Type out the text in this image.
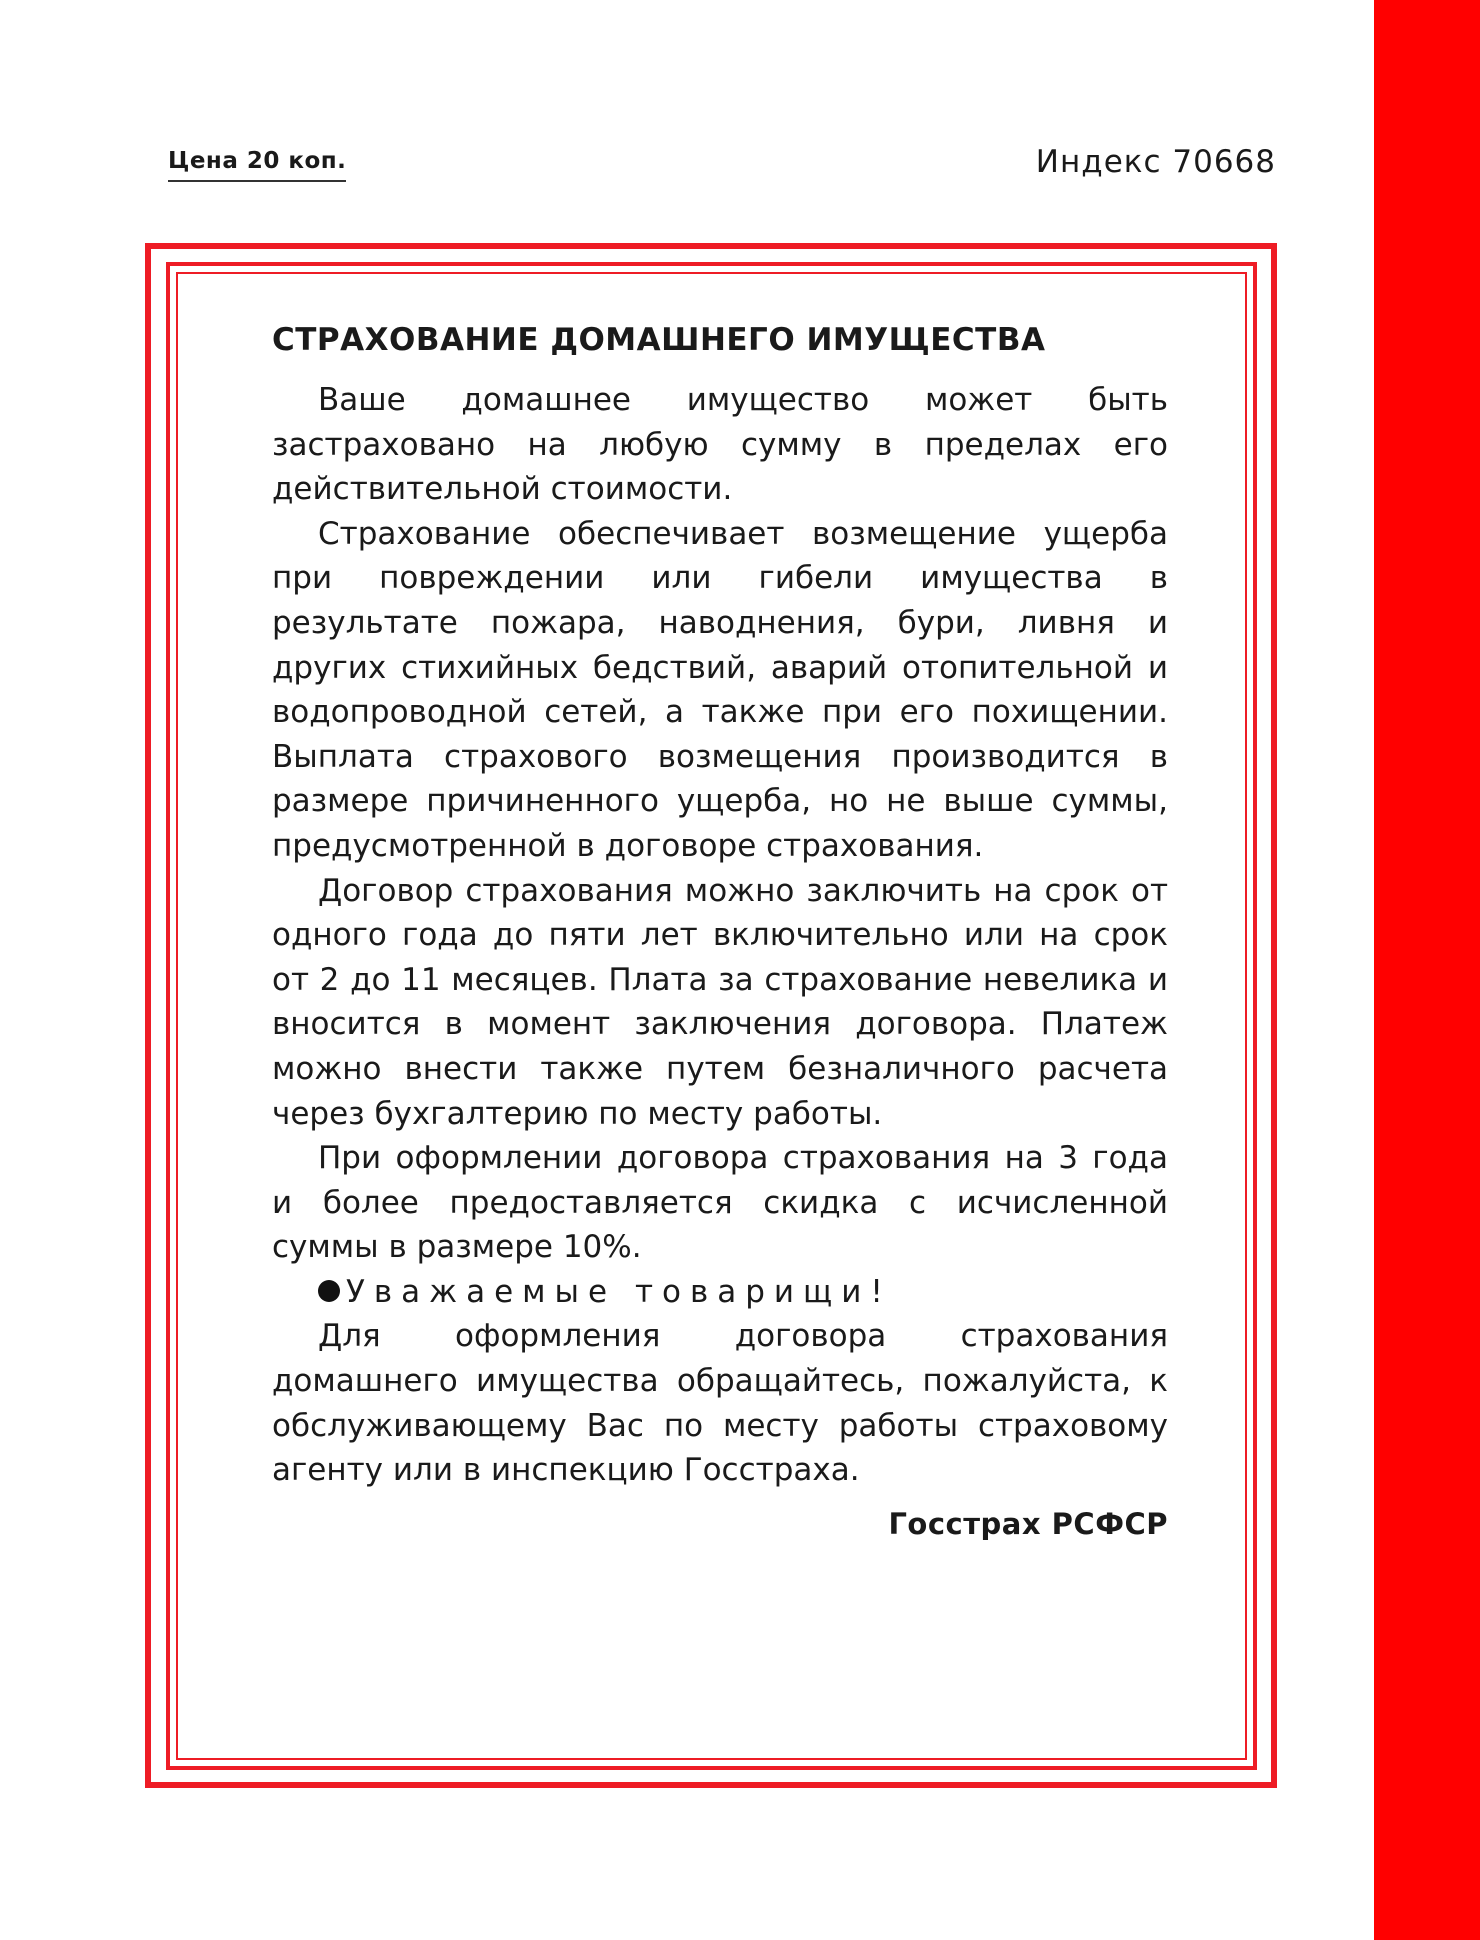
Цена 20 коп.	Индекс 70668
СТРАХОВАНИЕ ДОМАШНЕГО ИМУЩЕСТВА

Ваше домашнее имущество может быть застраховано на любую сумму в пределах его действительной стоимости.

Страхование обеспечивает возмещение ущерба при повреждении или гибели имущества в результате пожара, наводнения, бури, ливня и других стихийных бедствий, аварий отопительной и водопроводной сетей, а также при его похищении. Выплата страхового возмещения производится в размере причиненного ущерба, но не выше суммы, предусмотренной в договоре страхования.

Договор страхования можно заключить на срок от одного года до пяти лет включительно или на срок от 2 до 11 месяцев. Плата за страхование невелика и вносится в момент заключения договора. Платеж можно внести также путем безналичного расчета через бухгалтерию по месту работы.

При оформлении договора страхования на 3 года и более предоставляется скидка с исчисленной суммы в размере 10%.

Уважаемые товарищи!

Для оформления договора страхования домашнего имущества обращайтесь, пожалуйста, к обслуживающему Вас по месту работы страховому агенту или в инспекцию Госстраха.

Госстрах РСФСР
